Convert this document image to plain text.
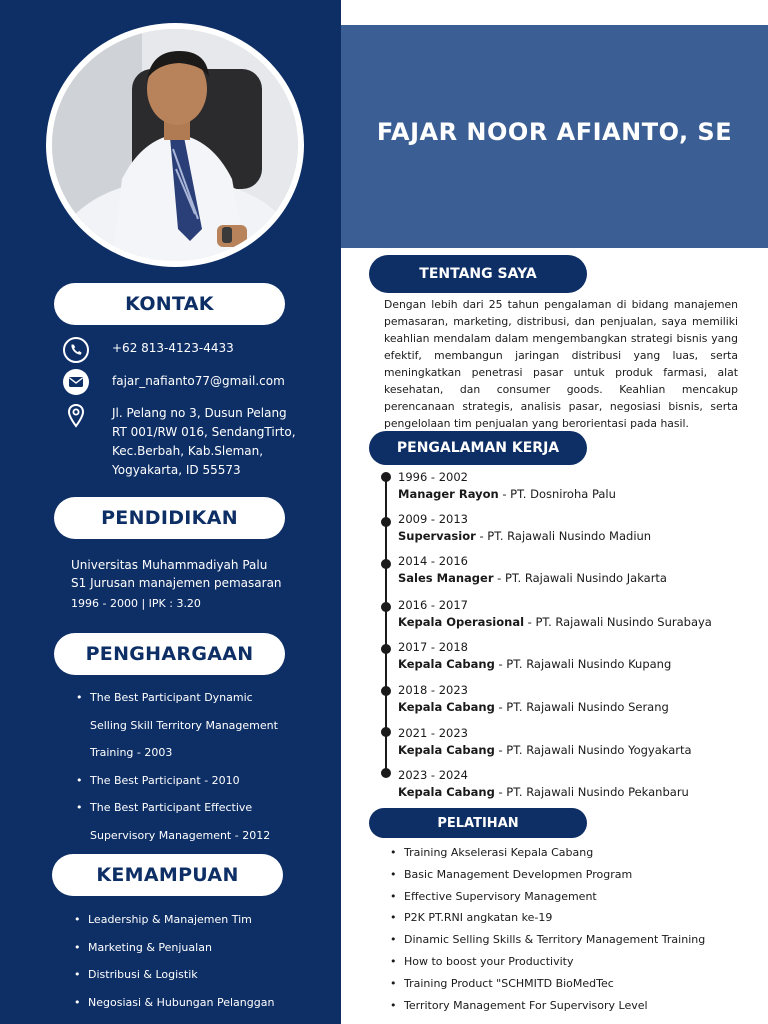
KONTAK
+62 813-4123-4433
fajar_nafianto77@gmail.com
Jl. Pelang no 3, Dusun Pelang
RT 001/RW 016, SendangTirto,
Kec.Berbah, Kab.Sleman,
Yogyakarta, ID 55573
PENDIDIKAN
Universitas Muhammadiyah Palu
S1 Jurusan manajemen pemasaran
1996 - 2000 | IPK : 3.20
PENGHARGAAN
• The Best Participant Dynamic
Selling Skill Territory Management
Training - 2003
• The Best Participant - 2010
• The Best Participant Effective
Supervisory Management - 2012
KEMAMPUAN
• Leadership & Manajemen Tim
• Marketing & Penjualan
• Distribusi & Logistik
• Negosiasi & Hubungan Pelanggan
FAJAR NOOR AFIANTO, SE
TENTANG SAYA
Dengan lebih dari 25 tahun pengalaman di bidang manajemen pemasaran, marketing, distribusi, dan penjualan, saya memiliki keahlian mendalam dalam mengembangkan strategi bisnis yang efektif, membangun jaringan distribusi yang luas, serta meningkatkan penetrasi pasar untuk produk farmasi, alat kesehatan, dan consumer goods. Keahlian mencakup perencanaan strategis, analisis pasar, negosiasi bisnis, serta pengelolaan tim penjualan yang berorientasi pada hasil.
PENGALAMAN KERJA
1996 - 2002
Manager Rayon - PT. Dosniroha Palu
2009 - 2013
Supervasior - PT. Rajawali Nusindo Madiun
2014 - 2016
Sales Manager - PT. Rajawali Nusindo Jakarta
2016 - 2017
Kepala Operasional - PT. Rajawali Nusindo Surabaya
2017 - 2018
Kepala Cabang - PT. Rajawali Nusindo Kupang
2018 - 2023
Kepala Cabang - PT. Rajawali Nusindo Serang
2021 - 2023
Kepala Cabang - PT. Rajawali Nusindo Yogyakarta
2023 - 2024
Kepala Cabang - PT. Rajawali Nusindo Pekanbaru
PELATIHAN
• Training Akselerasi Kepala Cabang
• Basic Management Developmen Program
• Effective Supervisory Management
• P2K PT.RNI angkatan ke-19
• Dinamic Selling Skills & Territory Management Training
• How to boost your Productivity
• Training Product "SCHMITD BioMedTec
• Territory Management For Supervisory Level
